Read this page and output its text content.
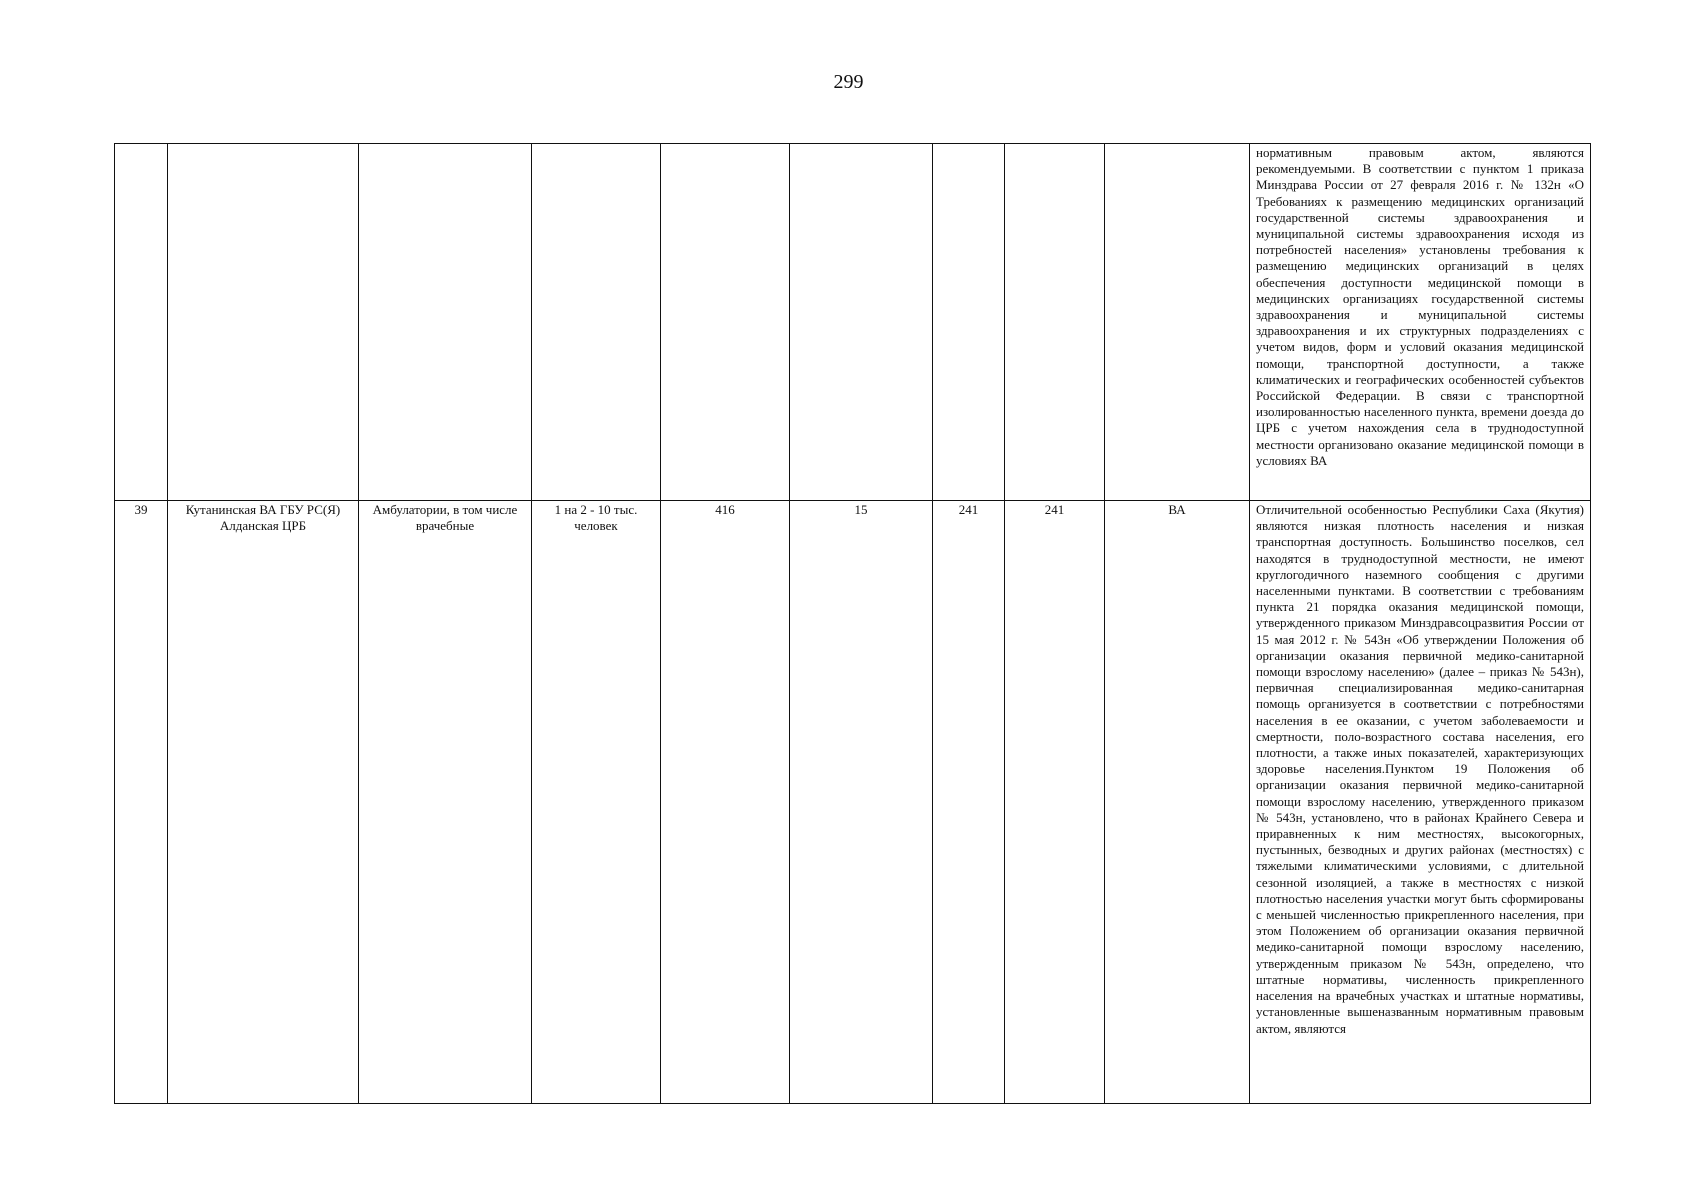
299
									нормативным правовым актом, являются рекомендуемыми. В соответствии с пунктом 1 приказа Минздрава России от 27 февраля 2016 г. № 132н «О Требованиях к размещению медицинских организаций государственной системы здравоохранения и муниципальной системы здравоохранения исходя из потребностей населения» установлены требования к размещению медицинских организаций в целях обеспечения доступности медицинской помощи в медицинских организациях государственной системы здравоохранения и муниципальной системы здравоохранения и их структурных подразделениях с учетом видов, форм и условий оказания медицинской помощи, транспортной доступности, а также климатических и географических особенностей субъектов Российской Федерации. В связи с транспортной изолированностью населенного пункта, времени доезда до ЦРБ с учетом нахождения села в труднодоступной местности организовано оказание медицинской помощи в условиях ВА
39	Кутанинская ВА ГБУ РС(Я) Алданская ЦРБ	Амбулатории, в том числе врачебные	1 на 2 - 10 тыс. человек	416	15	241	241	ВА	Отличительной особенностью Республики Саха (Якутия) являются низкая плотность населения и низкая транспортная доступность. Большинство поселков, сел находятся в труднодоступной местности, не имеют круглогодичного наземного сообщения с другими населенными пунктами. В соответствии с требованиям пункта 21 порядка оказания медицинской помощи, утвержденного приказом Минздравсоцразвития России от 15 мая 2012 г. № 543н «Об утверждении Положения об организации оказания первичной медико-санитарной помощи взрослому населению» (далее – приказ № 543н), первичная специализированная медико-санитарная помощь организуется в соответствии с потребностями населения в ее оказании, с учетом заболеваемости и смертности, поло-возрастного состава населения, его плотности, а также иных показателей, характеризующих здоровье населения.Пунктом 19 Положения об организации оказания первичной медико-санитарной помощи взрослому населению, утвержденного приказом № 543н, установлено, что в районах Крайнего Севера и приравненных к ним местностях, высокогорных, пустынных, безводных и других районах (местностях) с тяжелыми климатическими условиями, с длительной сезонной изоляцией, а также в местностях с низкой плотностью населения участки могут быть сформированы с меньшей численностью прикрепленного населения, при этом Положением об организации оказания первичной медико-санитарной помощи взрослому населению, утвержденным приказом № 543н, определено, что штатные нормативы, численность прикрепленного населения на врачебных участках и штатные нормативы, установленные вышеназванным нормативным правовым актом, являются
